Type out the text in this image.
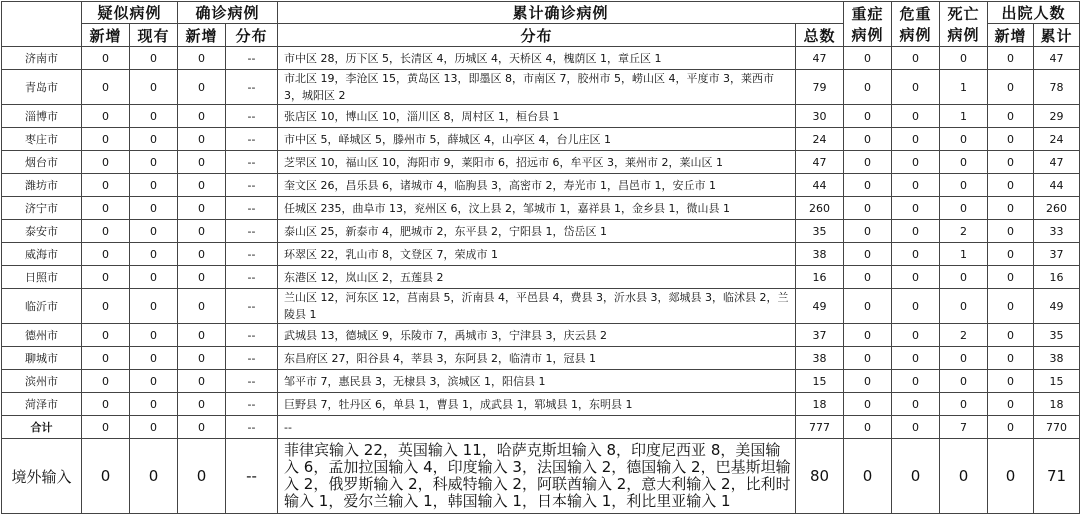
	疑似病例		确诊病例		累计确诊病例		重症病例	危重病例	死亡病例	出院人数	
	新增	现有	新增	分布	分布	总数				新增	累计
济南市	0	0	0	--	市中区 28，历下区 5，长清区 4，历城区 4，天桥区 4，槐荫区 1，章丘区 1	47	0	0	0	0	47
青岛市	0	0	0	--	市北区 19，李沧区 15，黄岛区 13，即墨区 8，市南区 7，胶州市 5，崂山区 4，平度市 3，莱西市 3，城阳区 2	79	0	0	1	0	78
淄博市	0	0	0	--	张店区 10，博山区 10，淄川区 8，周村区 1，桓台县 1	30	0	0	1	0	29
枣庄市	0	0	0	--	市中区 5，峄城区 5，滕州市 5，薛城区 4，山亭区 4，台儿庄区 1	24	0	0	0	0	24
烟台市	0	0	0	--	芝罘区 10，福山区 10，海阳市 9，莱阳市 6，招远市 6，牟平区 3，莱州市 2，莱山区 1	47	0	0	0	0	47
潍坊市	0	0	0	--	奎文区 26，昌乐县 6，诸城市 4，临朐县 3，高密市 2，寿光市 1，昌邑市 1，安丘市 1	44	0	0	0	0	44
济宁市	0	0	0	--	任城区 235，曲阜市 13，兖州区 6，汶上县 2，邹城市 1，嘉祥县 1，金乡县 1，微山县 1	260	0	0	0	0	260
泰安市	0	0	0	--	泰山区 25，新泰市 4，肥城市 2，东平县 2，宁阳县 1，岱岳区 1	35	0	0	2	0	33
威海市	0	0	0	--	环翠区 22，乳山市 8，文登区 7，荣成市 1	38	0	0	1	0	37
日照市	0	0	0	--	东港区 12，岚山区 2，五莲县 2	16	0	0	0	0	16
临沂市	0	0	0	--	兰山区 12，河东区 12，莒南县 5，沂南县 4，平邑县 4，费县 3，沂水县 3，郯城县 3，临沭县 2，兰陵县 1	49	0	0	0	0	49
德州市	0	0	0	--	武城县 13，德城区 9，乐陵市 7，禹城市 3，宁津县 3，庆云县 2	37	0	0	2	0	35
聊城市	0	0	0	--	东昌府区 27，阳谷县 4，莘县 3，东阿县 2，临清市 1，冠县 1	38	0	0	0	0	38
滨州市	0	0	0	--	邹平市 7，惠民县 3，无棣县 3，滨城区 1，阳信县 1	15	0	0	0	0	15
菏泽市	0	0	0	--	巨野县 7，牡丹区 6，单县 1，曹县 1，成武县 1，郓城县 1，东明县 1	18	0	0	0	0	18
合计	0	0	0	--	--	777	0	0	7	0	770
境外输入	0	0	0	--	菲律宾输入 22，英国输入 11，哈萨克斯坦输入 8，印度尼西亚 8，美国输入 6，孟加拉国输入 4，印度输入 3，法国输入 2，德国输入 2，巴基斯坦输入 2，俄罗斯输入 2，科威特输入 2，阿联酋输入 2，意大利输入 2，比利时输入 1，爱尔兰输入 1，韩国输入 1，日本输入 1，利比里亚输入 1	80	0	0	0	0	71
